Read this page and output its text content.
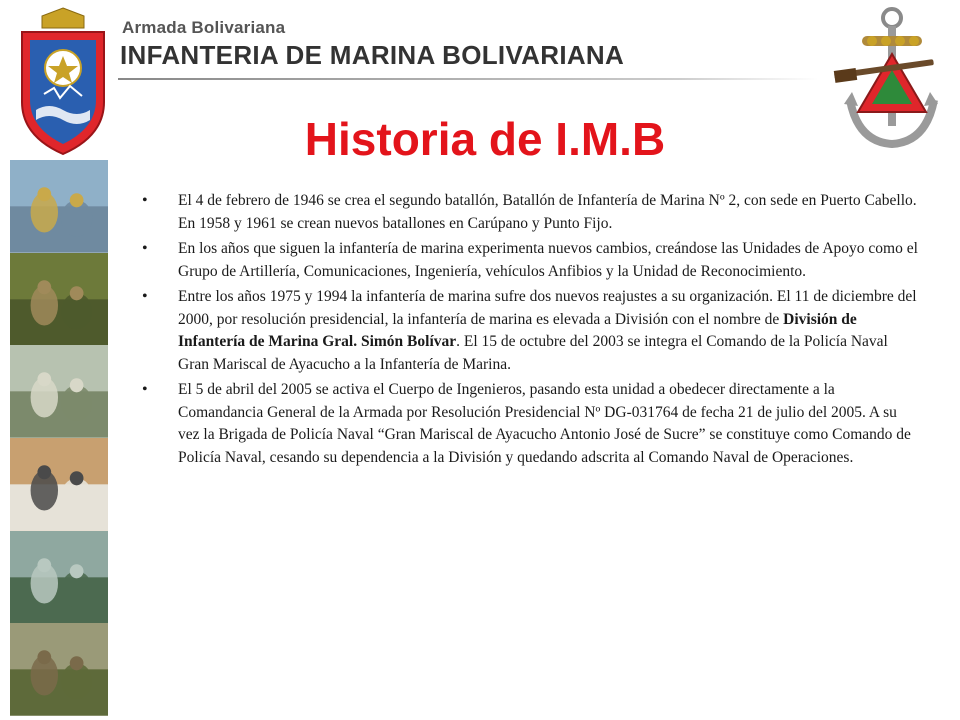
Armada Bolivariana
INFANTERIA DE MARINA BOLIVARIANA
Historia de I.M.B
• El 4 de febrero de 1946 se crea el segundo batallón, Batallón de Infantería de Marina Nº 2, con sede en Puerto Cabello. En 1958 y 1961 se crean nuevos batallones en Carúpano y Punto Fijo.
• En los años que siguen la infantería de marina experimenta nuevos cambios, creándose las Unidades de Apoyo como el Grupo de Artillería, Comunicaciones, Ingeniería, vehículos Anfibios y la Unidad de Reconocimiento.
• Entre los años 1975 y 1994 la infantería de marina sufre dos nuevos reajustes a su organización. El 11 de diciembre del 2000, por resolución presidencial, la infantería de marina es elevada a División con el nombre de División de Infantería de Marina Gral. Simón Bolívar. El 15 de octubre del 2003 se integra el Comando de la Policía Naval Gran Mariscal de Ayacucho a la Infantería de Marina.
• El 5 de abril del 2005 se activa el Cuerpo de Ingenieros, pasando esta unidad a obedecer directamente a la Comandancia General de la Armada por Resolución Presidencial Nº DG-031764 de fecha 21 de julio del 2005. A su vez la Brigada de Policía Naval “Gran Mariscal de Ayacucho Antonio José de Sucre” se constituye como Comando de Policía Naval, cesando su dependencia a la División y quedando adscrita al Comando Naval de Operaciones.
